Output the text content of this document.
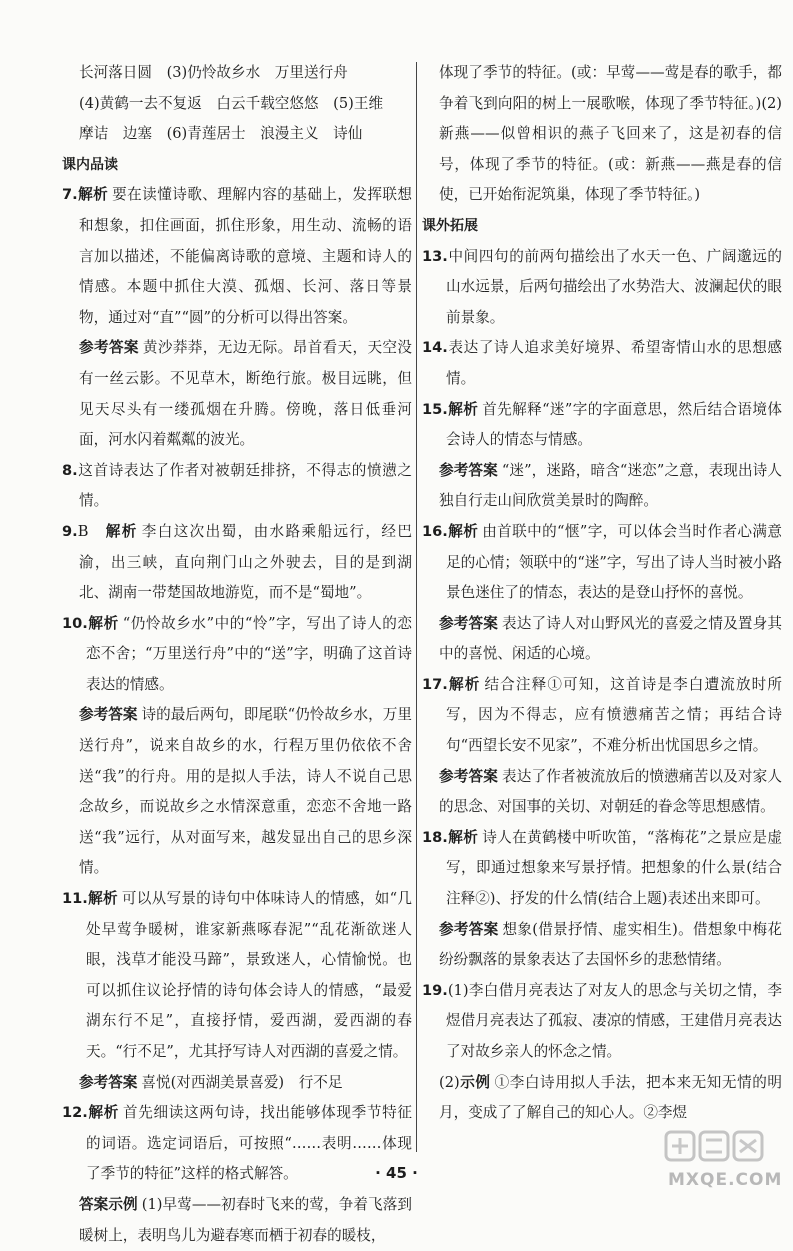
长河落日圆　(3)仍怜故乡水　万里送行舟

(4)黄鹤一去不复返　白云千载空悠悠　(5)王维

摩诘　边塞　(6)青莲居士　浪漫主义　诗仙

课内品读

7.解析 要在读懂诗歌、理解内容的基础上，发挥联想和想象，扣住画面，抓住形象，用生动、流畅的语言加以描述，不能偏离诗歌的意境、主题和诗人的情感。本题中抓住大漠、孤烟、长河、落日等景物，通过对“直”“圆”的分析可以得出答案。

参考答案 黄沙莽莽，无边无际。昂首看天，天空没有一丝云影。不见草木，断绝行旅。极目远眺，但见天尽头有一缕孤烟在升腾。傍晚，落日低垂河面，河水闪着粼粼的波光。

8.这首诗表达了作者对被朝廷排挤，不得志的愤懑之情。

9.B　 解析 李白这次出蜀，由水路乘船远行，经巴渝，出三峡，直向荆门山之外驶去，目的是到湖北、湖南一带楚国故地游览，而不是“蜀地”。

10.解析 “仍怜故乡水”中的“怜”字，写出了诗人的恋恋不舍；“万里送行舟”中的“送”字，明确了这首诗表达的情感。

参考答案 诗的最后两句，即尾联“仍怜故乡水，万里送行舟”，说来自故乡的水，行程万里仍依依不舍送“我”的行舟。用的是拟人手法，诗人不说自己思念故乡，而说故乡之水情深意重，恋恋不舍地一路送“我”远行，从对面写来，越发显出自己的思乡深情。

11.解析 可以从写景的诗句中体味诗人的情感，如“几处早莺争暖树，谁家新燕啄春泥”“乱花渐欲迷人眼，浅草才能没马蹄”，景致迷人，心情愉悦。也可以抓住议论抒情的诗句体会诗人的情感，“最爱湖东行不足”，直接抒情，爱西湖，爱西湖的春天。“行不足”，尤其抒写诗人对西湖的喜爱之情。

参考答案 喜悦(对西湖美景喜爱)　行不足

12.解析 首先细读这两句诗，找出能够体现季节特征的词语。选定词语后，可按照“……表明……体现了季节的特征”这样的格式解答。

答案示例 (1)早莺——初春时飞来的莺，争着飞落到暖树上，表明鸟儿为避春寒而栖于初春的暖枝，

体现了季节的特征。(或：早莺——莺是春的歌手，都争着飞到向阳的树上一展歌喉，体现了季节特征。)(2)新燕——似曾相识的燕子飞回来了，这是初春的信号，体现了季节的特征。(或：新燕——燕是春的信使，已开始衔泥筑巢，体现了季节特征。)

课外拓展

13.中间四句的前两句描绘出了水天一色、广阔邈远的山水远景，后两句描绘出了水势浩大、波澜起伏的眼前景象。

14.表达了诗人追求美好境界、希望寄情山水的思想感情。

15.解析 首先解释“迷”字的字面意思，然后结合语境体会诗人的情态与情感。

参考答案 “迷”，迷路，暗含“迷恋”之意，表现出诗人独自行走山间欣赏美景时的陶醉。

16.解析 由首联中的“惬”字，可以体会当时作者心满意足的心情；领联中的“迷”字，写出了诗人当时被小路景色迷住了的情态，表达的是登山抒怀的喜悦。

参考答案 表达了诗人对山野风光的喜爱之情及置身其中的喜悦、闲适的心境。

17.解析 结合注释①可知，这首诗是李白遭流放时所写，因为不得志，应有愤懑痛苦之情；再结合诗句“西望长安不见家”，不难分析出忧国思乡之情。

参考答案 表达了作者被流放后的愤懑痛苦以及对家人的思念、对国事的关切、对朝廷的眷念等思想感情。

18.解析 诗人在黄鹤楼中听吹笛，“落梅花”之景应是虚写，即通过想象来写景抒情。把想象的什么景(结合注释②)、抒发的什么情(结合上题)表述出来即可。

参考答案 想象(借景抒情、虚实相生)。借想象中梅花纷纷飘落的景象表达了去国怀乡的悲愁情绪。

19.(1)李白借月亮表达了对友人的思念与关切之情，李煜借月亮表达了孤寂、凄凉的情感，王建借月亮表达了对故乡亲人的怀念之情。

(2)示例 ①李白诗用拟人手法，把本来无知无情的明月，变成了了解自己的知心人。②李煜

· 45 ·	MXQE.COM
